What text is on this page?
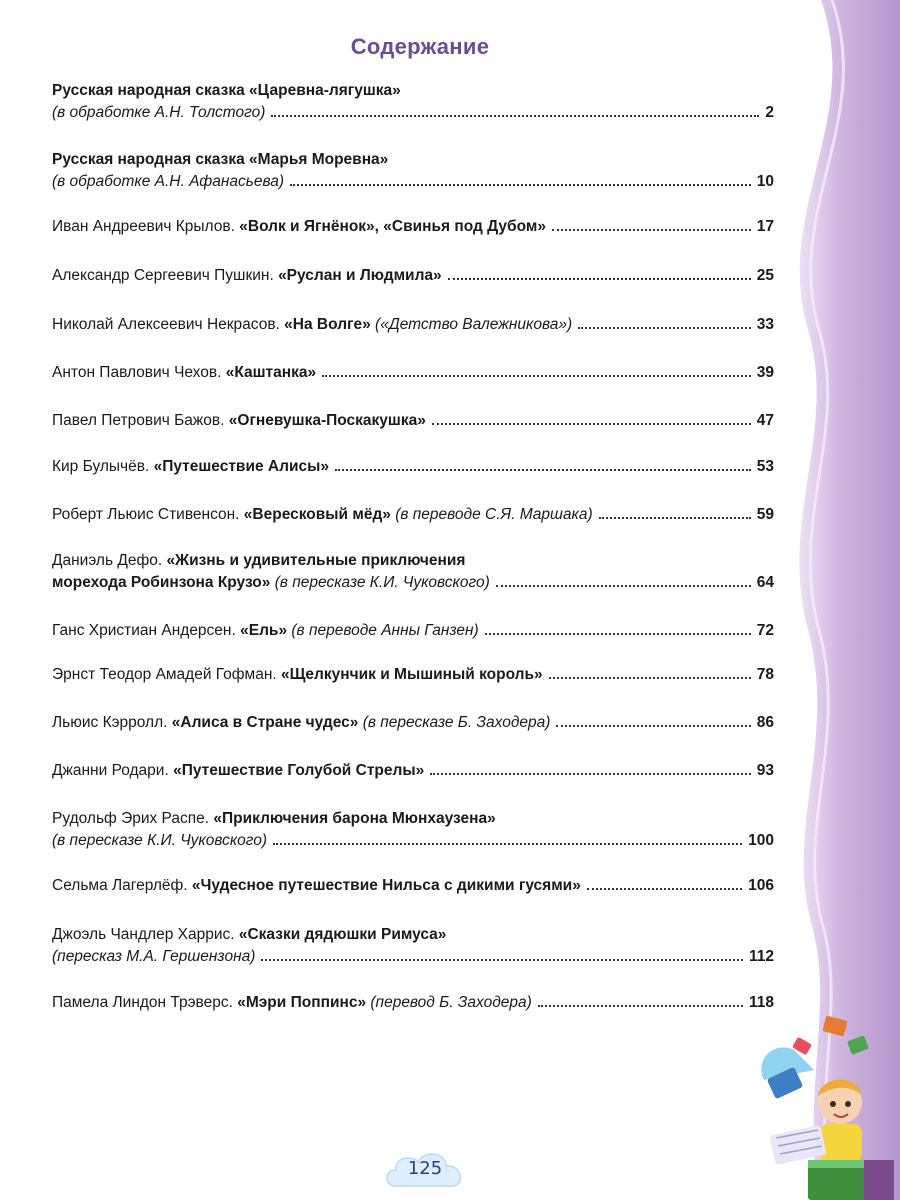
Содержание
Русская народная сказка «Царевна-лягушка»
(в обработке А.Н. Толстого)	2
Русская народная сказка «Марья Моревна»
(в обработке А.Н. Афанасьева)	10
Иван Андреевич Крылов. «Волк и Ягнёнок», «Свинья под Дубом»	17
Александр Сергеевич Пушкин. «Руслан и Людмила»	25
Николай Алексеевич Некрасов. «На Волге» («Детство Валежникова»)	33
Антон Павлович Чехов. «Каштанка»	39
Павел Петрович Бажов. «Огневушка-Поскакушка»	47
Кир Булычёв. «Путешествие Алисы»	53
Роберт Льюис Стивенсон. «Вересковый мёд» (в переводе С.Я. Маршака)	59
Даниэль Дефо. «Жизнь и удивительные приключения
морехода Робинзона Крузо» (в пересказе К.И. Чуковского)	64
Ганс Христиан Андерсен. «Ель» (в переводе Анны Ганзен)	72
Эрнст Теодор Амадей Гофман. «Щелкунчик и Мышиный король»	78
Льюис Кэрролл. «Алиса в Стране чудес» (в пересказе Б. Заходера)	86
Джанни Родари. «Путешествие Голубой Стрелы»	93
Рудольф Эрих Распе. «Приключения барона Мюнхаузена»
(в пересказе К.И. Чуковского)	100
Сельма Лагерлёф. «Чудесное путешествие Нильса с дикими гусями»	106
Джоэль Чандлер Харрис. «Сказки дядюшки Римуса»
(пересказ М.А. Гершензона)	112
Памела Линдон Трэверс. «Мэри Поппинс» (перевод Б. Заходера)	118
125
